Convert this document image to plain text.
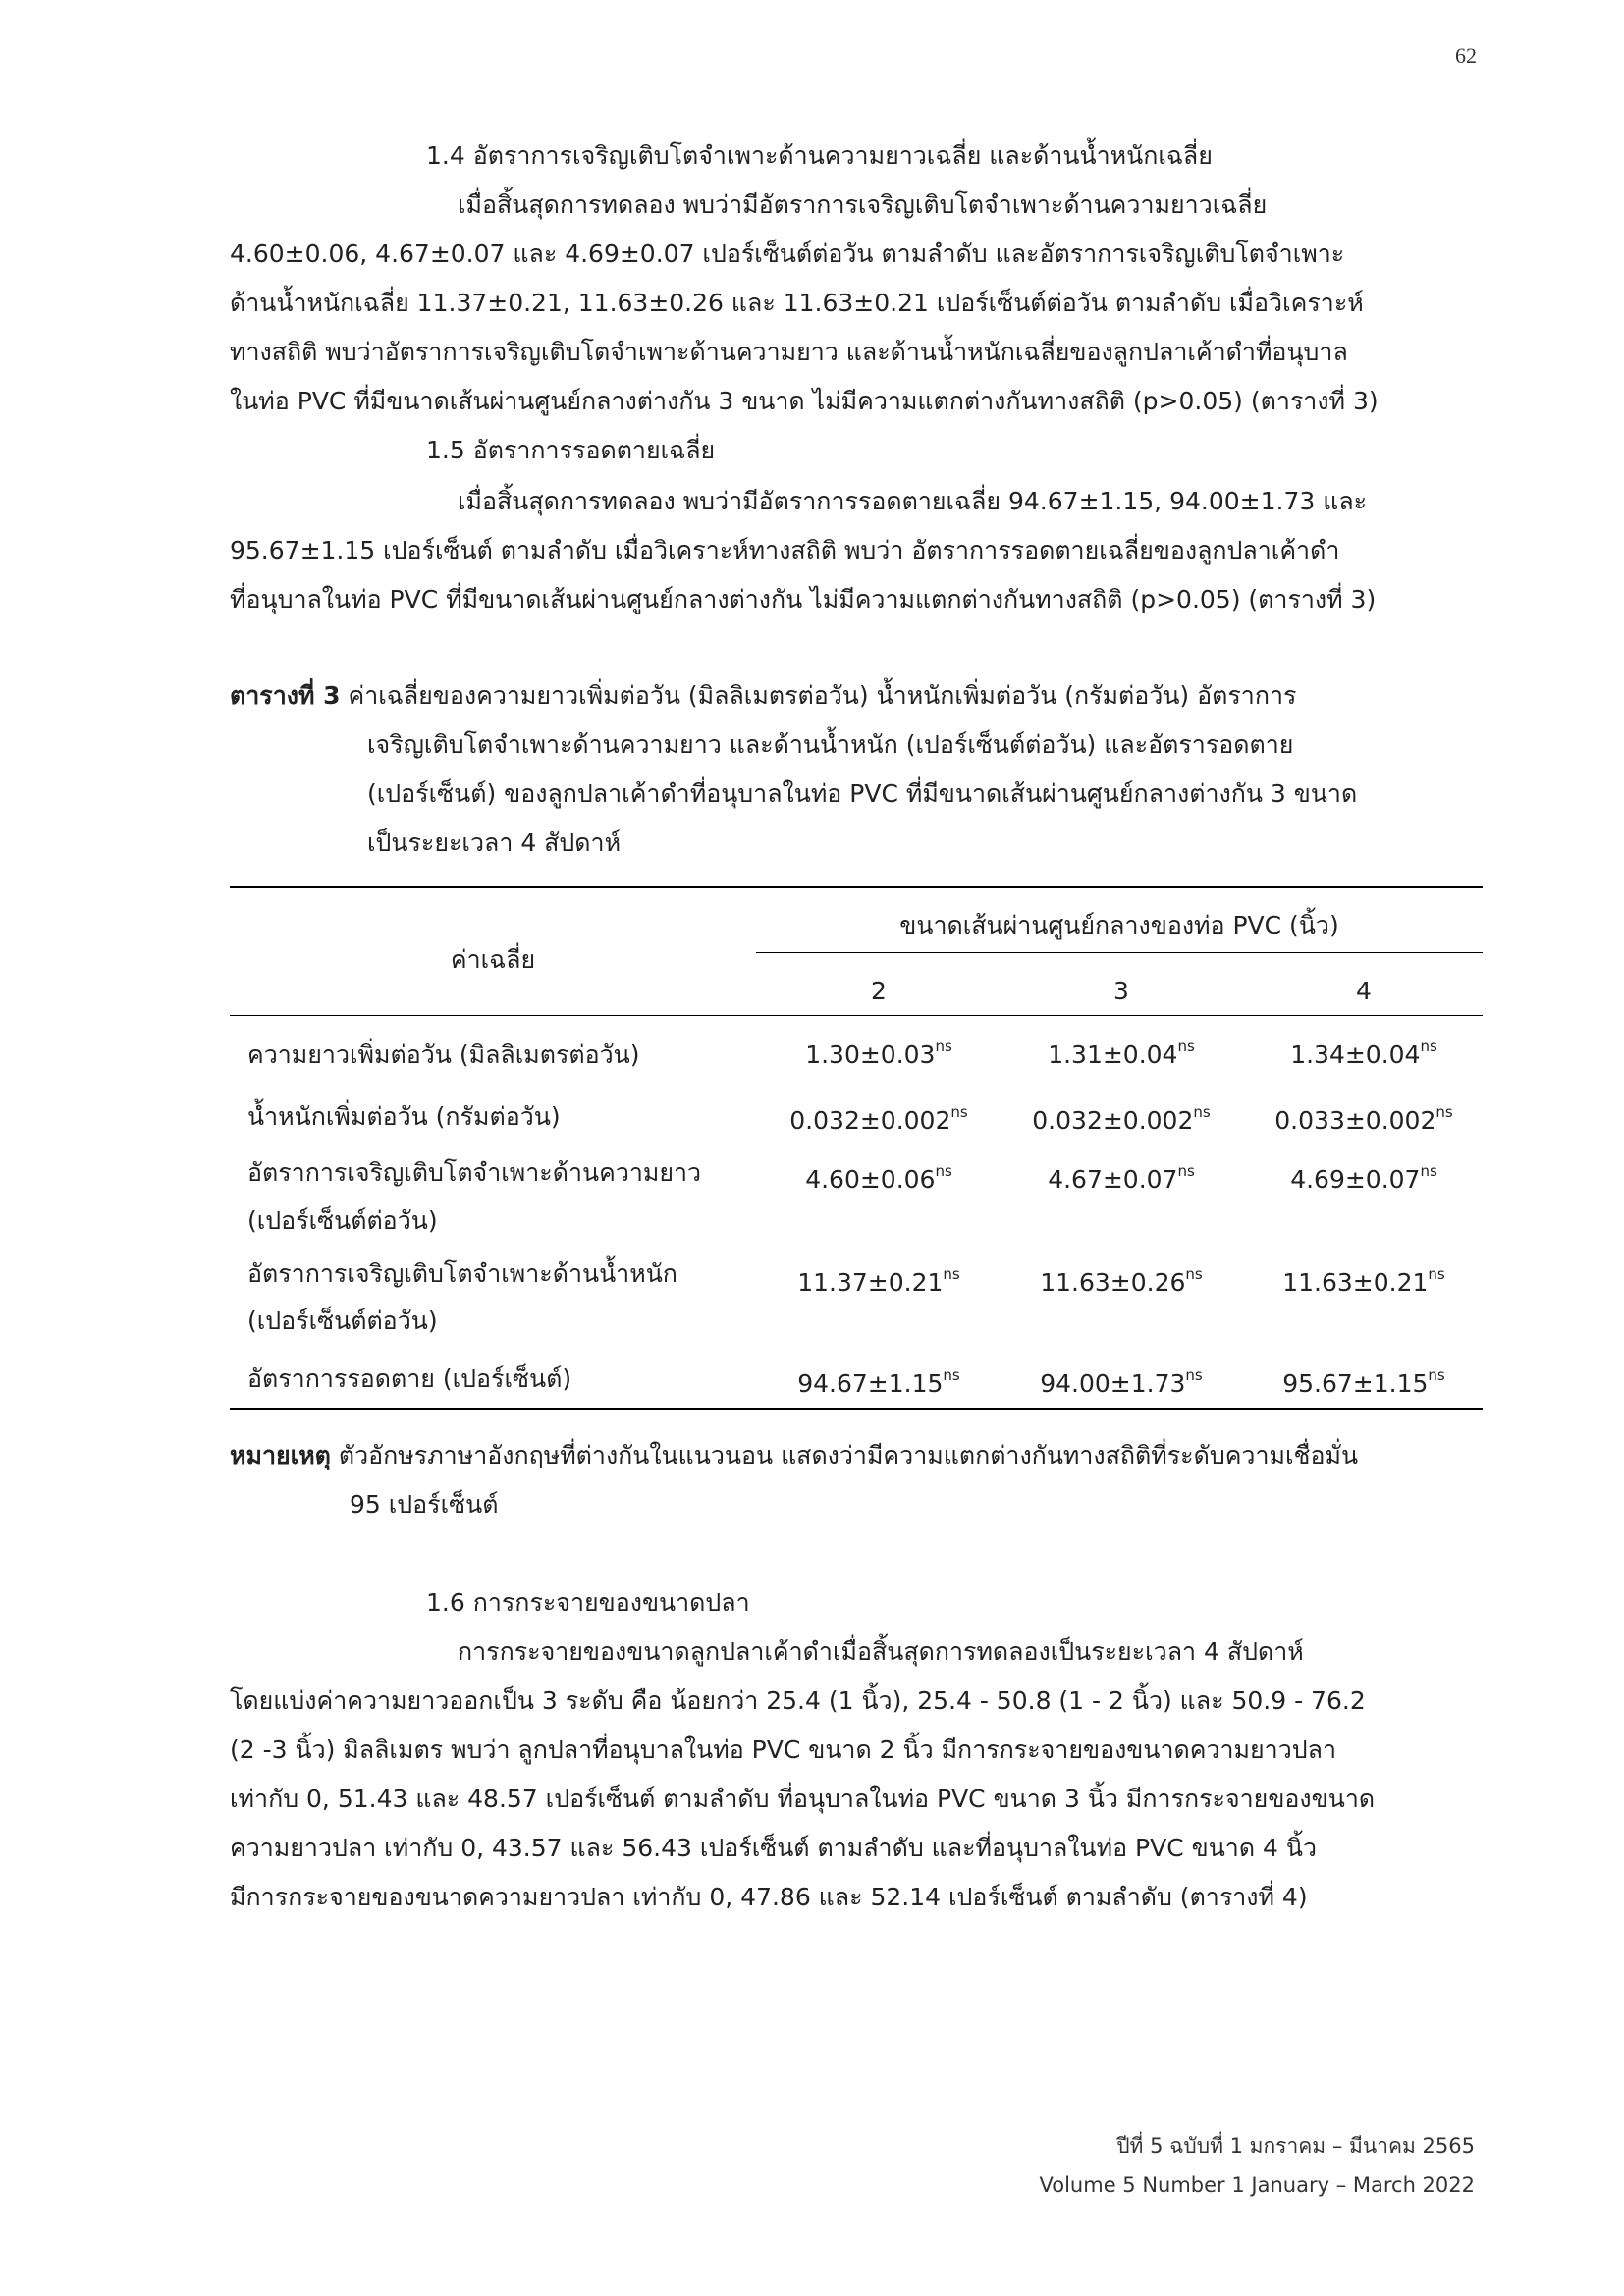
62
1.4 อัตราการเจริญเติบโตจำเพาะด้านความยาวเฉลี่ย และด้านน้ำหนักเฉลี่ย
เมื่อสิ้นสุดการทดลอง พบว่ามีอัตราการเจริญเติบโตจำเพาะด้านความยาวเฉลี่ย
4.60±0.06, 4.67±0.07 และ 4.69±0.07 เปอร์เซ็นต์ต่อวัน ตามลำดับ และอัตราการเจริญเติบโตจำเพาะ
ด้านน้ำหนักเฉลี่ย 11.37±0.21, 11.63±0.26 และ 11.63±0.21 เปอร์เซ็นต์ต่อวัน ตามลำดับ เมื่อวิเคราะห์
ทางสถิติ พบว่าอัตราการเจริญเติบโตจำเพาะด้านความยาว และด้านน้ำหนักเฉลี่ยของลูกปลาเค้าดำที่อนุบาล
ในท่อ PVC ที่มีขนาดเส้นผ่านศูนย์กลางต่างกัน 3 ขนาด ไม่มีความแตกต่างกันทางสถิติ (p>0.05) (ตารางที่ 3)
1.5 อัตราการรอดตายเฉลี่ย
เมื่อสิ้นสุดการทดลอง พบว่ามีอัตราการรอดตายเฉลี่ย 94.67±1.15, 94.00±1.73 และ
95.67±1.15 เปอร์เซ็นต์ ตามลำดับ เมื่อวิเคราะห์ทางสถิติ พบว่า อัตราการรอดตายเฉลี่ยของลูกปลาเค้าดำ
ที่อนุบาลในท่อ PVC ที่มีขนาดเส้นผ่านศูนย์กลางต่างกัน ไม่มีความแตกต่างกันทางสถิติ (p>0.05) (ตารางที่ 3)
ตารางที่ 3 ค่าเฉลี่ยของความยาวเพิ่มต่อวัน (มิลลิเมตรต่อวัน) น้ำหนักเพิ่มต่อวัน (กรัมต่อวัน) อัตราการ
เจริญเติบโตจำเพาะด้านความยาว และด้านน้ำหนัก (เปอร์เซ็นต์ต่อวัน) และอัตรารอดตาย
(เปอร์เซ็นต์) ของลูกปลาเค้าดำที่อนุบาลในท่อ PVC ที่มีขนาดเส้นผ่านศูนย์กลางต่างกัน 3 ขนาด
เป็นระยะเวลา 4 สัปดาห์
ค่าเฉลี่ย
ขนาดเส้นผ่านศูนย์กลางของท่อ PVC (นิ้ว)
2	3	4
ความยาวเพิ่มต่อวัน (มิลลิเมตรต่อวัน)	$1.30\pm 0.03^{ns}$	$1.31\pm 0.04^{ns}$	$1.34\pm 0.04^{ns}$
น้ำหนักเพิ่มต่อวัน (กรัมต่อวัน)	$0.032\pm 0.002^{ns}$	$0.032\pm 0.002^{ns}$	$0.033\pm 0.002^{ns}$
อัตราการเจริญเติบโตจำเพาะด้านความยาว
(เปอร์เซ็นต์ต่อวัน)
$4.60\pm 0.06^{ns}$	$4.67\pm 0.07^{ns}$	$4.69\pm 0.07^{ns}$
อัตราการเจริญเติบโตจำเพาะด้านน้ำหนัก
(เปอร์เซ็นต์ต่อวัน)
$11.37\pm 0.21^{ns}$	$11.63\pm 0.26^{ns}$	$11.63\pm 0.21^{ns}$
อัตราการรอดตาย (เปอร์เซ็นต์)	$94.67\pm 1.15^{ns}$	$94.00\pm 1.73^{ns}$	$95.67\pm 1.15^{ns}$
หมายเหตุ ตัวอักษรภาษาอังกฤษที่ต่างกันในแนวนอน แสดงว่ามีความแตกต่างกันทางสถิติที่ระดับความเชื่อมั่น
95 เปอร์เซ็นต์
1.6 การกระจายของขนาดปลา
การกระจายของขนาดลูกปลาเค้าดำเมื่อสิ้นสุดการทดลองเป็นระยะเวลา 4 สัปดาห์
โดยแบ่งค่าความยาวออกเป็น 3 ระดับ คือ น้อยกว่า 25.4 (1 นิ้ว), 25.4 - 50.8 (1 - 2 นิ้ว) และ 50.9 - 76.2
(2 -3 นิ้ว) มิลลิเมตร พบว่า ลูกปลาที่อนุบาลในท่อ PVC ขนาด 2 นิ้ว มีการกระจายของขนาดความยาวปลา
เท่ากับ 0, 51.43 และ 48.57 เปอร์เซ็นต์ ตามลำดับ ที่อนุบาลในท่อ PVC ขนาด 3 นิ้ว มีการกระจายของขนาด
ความยาวปลา เท่ากับ 0, 43.57 และ 56.43 เปอร์เซ็นต์ ตามลำดับ และที่อนุบาลในท่อ PVC ขนาด 4 นิ้ว
มีการกระจายของขนาดความยาวปลา เท่ากับ 0, 47.86 และ 52.14 เปอร์เซ็นต์ ตามลำดับ (ตารางที่ 4)
ปีที่ 5 ฉบับที่ 1 มกราคม – มีนาคม 2565
Volume 5 Number 1 January – March 2022
